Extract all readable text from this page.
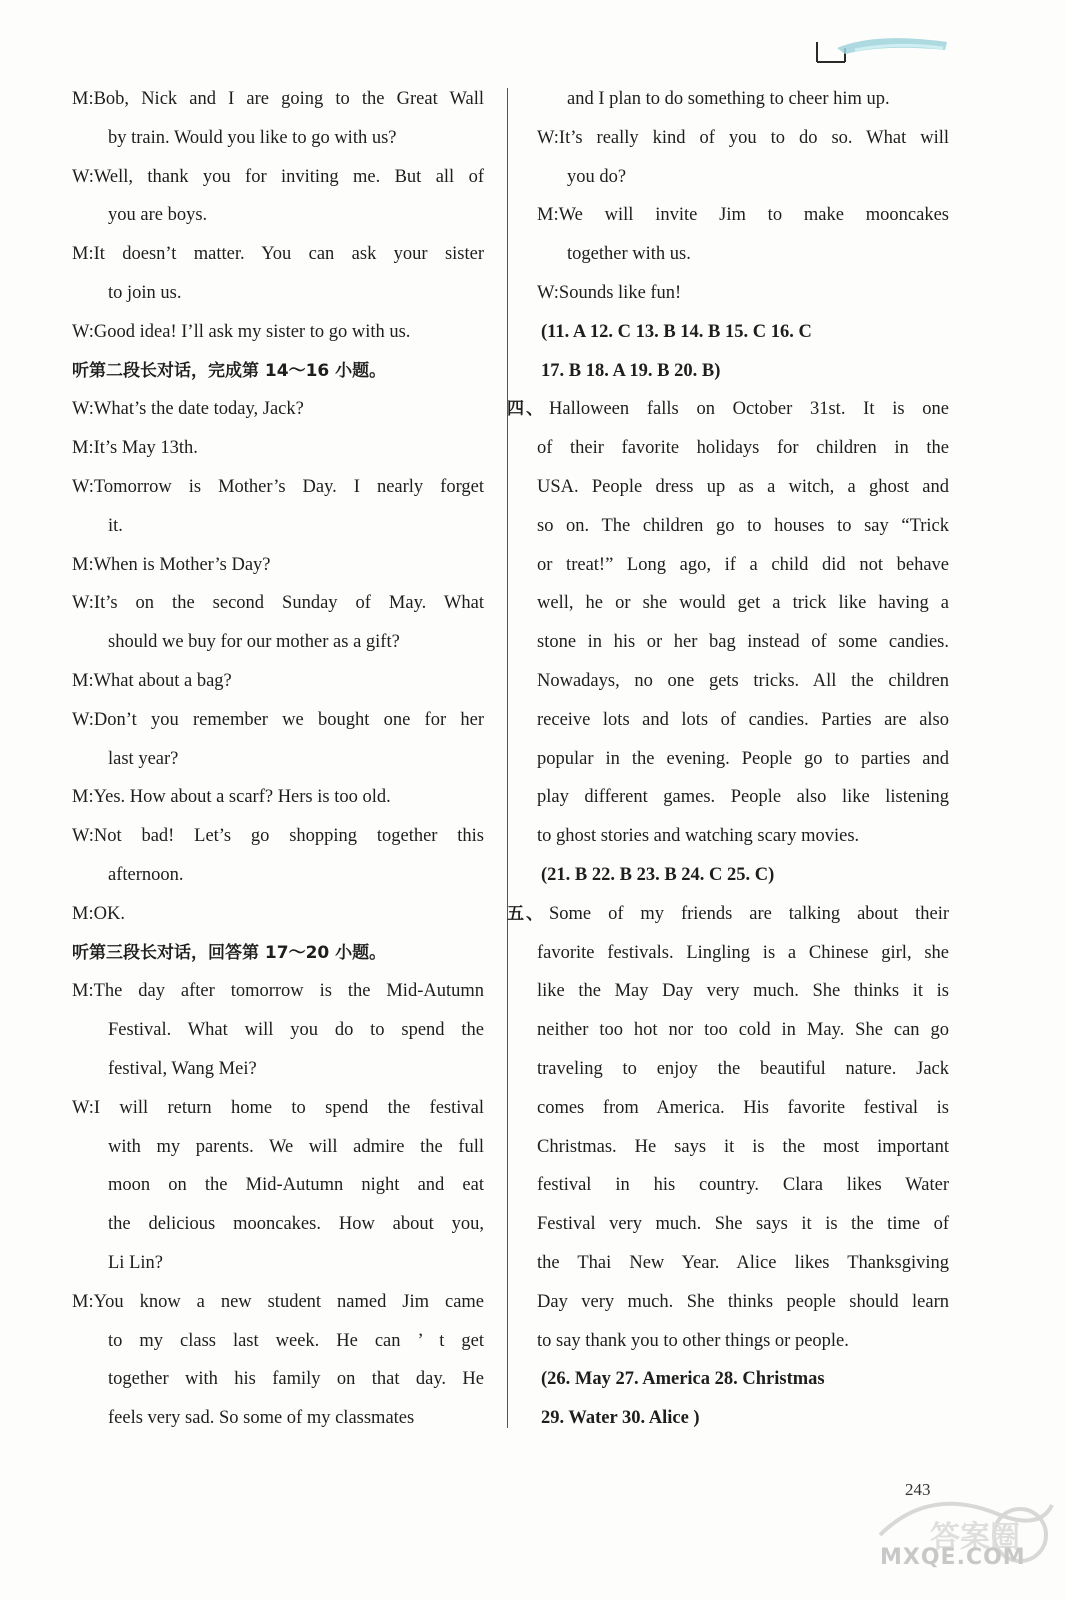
M:Bob, Nick and I are going to the Great Wall
by train. Would you like to go with us?
W:Well, thank you for inviting me. But all of
you are boys.
M:It doesn’t matter. You can ask your sister
to join us.
W:Good idea! I’ll ask my sister to go with us.
听第二段长对话，完成第 14～16 小题。
W:What’s the date today, Jack?
M:It’s May 13th.
W:Tomorrow is Mother’s Day. I nearly forget
it.
M:When is Mother’s Day?
W:It’s on the second Sunday of May. What
should we buy for our mother as a gift?
M:What about a bag?
W:Don’t you remember we bought one for her
last year?
M:Yes. How about a scarf? Hers is too old.
W:Not bad! Let’s go shopping together this
afternoon.
M:OK.
听第三段长对话，回答第 17～20 小题。
M:The day after tomorrow is the Mid-Autumn
Festival. What will you do to spend the
festival, Wang Mei?
W:I will return home to spend the festival
with my parents. We will admire the full
moon on the Mid-Autumn night and eat
the delicious mooncakes. How about you,
Li Lin?
M:You know a new student named Jim came
to my class last week. He can ’ t get
together with his family on that day. He
feels very sad. So some of my classmates
and I plan to do something to cheer him up.
W:It’s really kind of you to do so. What will
you do?
M:We will invite Jim to make mooncakes
together with us.
W:Sounds like fun!
(11. A 12. C 13. B 14. B 15. C 16. C
17. B 18. A 19. B 20. B)
四、 Halloween falls on October 31st. It is one
of their favorite holidays for children in the
USA. People dress up as a witch, a ghost and
so on. The children go to houses to say “Trick
or treat!” Long ago, if a child did not behave
well, he or she would get a trick like having a
stone in his or her bag instead of some candies.
Nowadays, no one gets tricks. All the children
receive lots and lots of candies. Parties are also
popular in the evening. People go to parties and
play different games. People also like listening
to ghost stories and watching scary movies.
(21. B 22. B 23. B 24. C 25. C)
五、 Some of my friends are talking about their
favorite festivals. Lingling is a Chinese girl, she
like the May Day very much. She thinks it is
neither too hot nor too cold in May. She can go
traveling to enjoy the beautiful nature. Jack
comes from America. His favorite festival is
Christmas. He says it is the most important
festival in his country. Clara likes Water
Festival very much. She says it is the time of
the Thai New Year. Alice likes Thanksgiving
Day very much. She thinks people should learn
to say thank you to other things or people.
(26. May 27. America 28. Christmas
29. Water 30. Alice )
答案圈
MXQE.COM
243
